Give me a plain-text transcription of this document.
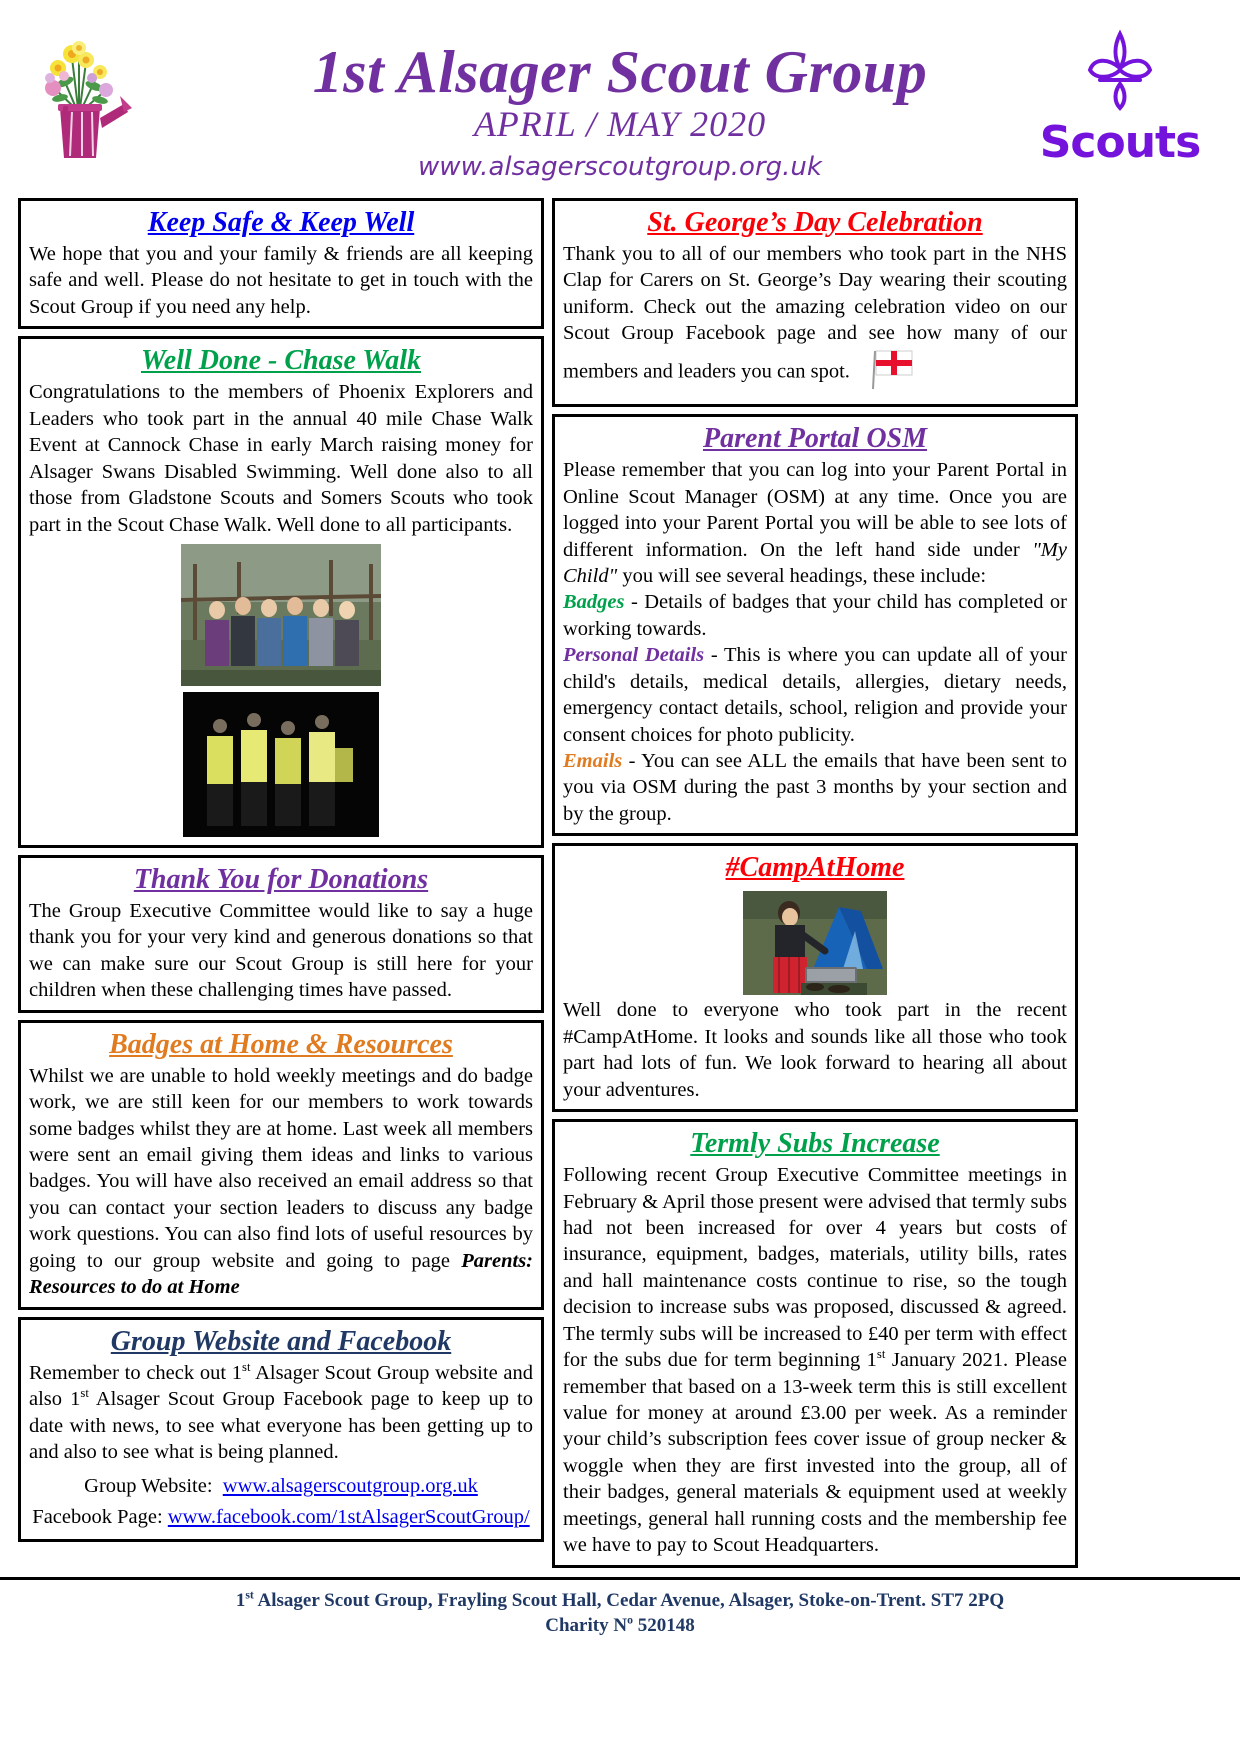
1st Alsager Scout Group
APRIL / MAY 2020
www.alsagerscoutgroup.org.uk	Scouts
Keep Safe & Keep Well
We hope that you and your family & friends are all keeping safe and well. Please do not hesitate to get in touch with the Scout Group if you need any help.
Well Done - Chase Walk
Congratulations to the members of Phoenix Explorers and Leaders who took part in the annual 40 mile Chase Walk Event at Cannock Chase in early March raising money for Alsager Swans Disabled Swimming. Well done also to all those from Gladstone Scouts and Somers Scouts who took part in the Scout Chase Walk. Well done to all participants.
Thank You for Donations
The Group Executive Committee would like to say a huge thank you for your very kind and generous donations so that we can make sure our Scout Group is still here for your children when these challenging times have passed.
Badges at Home & Resources
Whilst we are unable to hold weekly meetings and do badge work, we are still keen for our members to work towards some badges whilst they are at home. Last week all members were sent an email giving them ideas and links to various badges. You will have also received an email address so that you can contact your section leaders to discuss any badge work questions. You can also find lots of useful resources by going to our group website and going to page Parents: Resources to do at Home
Group Website and Facebook
Remember to check out 1st Alsager Scout Group website and also 1st Alsager Scout Group Facebook page to keep up to date with news, to see what everyone has been getting up to and also to see what is being planned.
Group Website: www.alsagerscoutgroup.org.uk
Facebook Page: www.facebook.com/1stAlsagerScoutGroup/
St. George’s Day Celebration
Thank you to all of our members who took part in the NHS Clap for Carers on St. George’s Day wearing their scouting uniform. Check out the amazing celebration video on our Scout Group Facebook page and see how many of our members and leaders you can spot.
Parent Portal OSM
Please remember that you can log into your Parent Portal in Online Scout Manager (OSM) at any time. Once you are logged into your Parent Portal you will be able to see lots of different information. On the left hand side under "My Child" you will see several headings, these include:
Badges - Details of badges that your child has completed or working towards.
Personal Details - This is where you can update all of your child's details, medical details, allergies, dietary needs, emergency contact details, school, religion and provide your consent choices for photo publicity.
Emails - You can see ALL the emails that have been sent to you via OSM during the past 3 months by your section and by the group.
#CampAtHome
Well done to everyone who took part in the recent #CampAtHome. It looks and sounds like all those who took part had lots of fun. We look forward to hearing all about your adventures.
Termly Subs Increase
Following recent Group Executive Committee meetings in February & April those present were advised that termly subs had not been increased for over 4 years but costs of insurance, equipment, badges, materials, utility bills, rates and hall maintenance costs continue to rise, so the tough decision to increase subs was proposed, discussed & agreed. The termly subs will be increased to £40 per term with effect for the subs due for term beginning 1st January 2021. Please remember that based on a 13-week term this is still excellent value for money at around £3.00 per week. As a reminder your child’s subscription fees cover issue of group necker & woggle when they are first invested into the group, all of their badges, general materials & equipment used at weekly meetings, general hall running costs and the membership fee we have to pay to Scout Headquarters.
1st Alsager Scout Group, Frayling Scout Hall, Cedar Avenue, Alsager, Stoke-on-Trent. ST7 2PQ
Charity $N^o$ 520148
